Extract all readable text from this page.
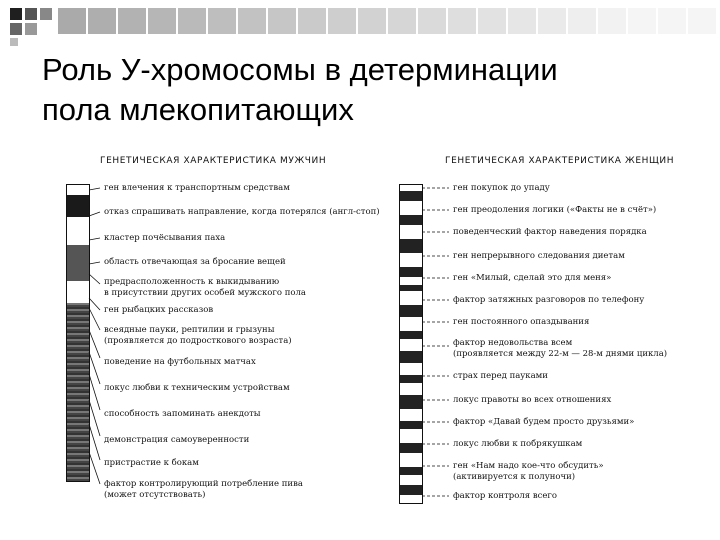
Роль У-хромосомы в детерминации
пола млекопитающих
ГЕНЕТИЧЕСКАЯ ХАРАКТЕРИСТИКА МУЖЧИН
ген влечения к транспортным средствам
отказ спрашивать направление, когда потерялся (англ-стоп)
кластер почёсывания паха
область отвечающая за бросание вещей
предрасположенность к выкидыванию
в присутствии других особей мужского пола
ген рыбацких рассказов
всеядные пауки, рептилии и грызуны
(проявляется до подросткового возраста)
поведение на футбольных матчах
локус любви к техническим устройствам
способность запоминать анекдоты
демонстрация самоуверенности
пристрастие к бокам
фактор контролирующий потребление пива
(может отсутствовать)
ГЕНЕТИЧЕСКАЯ ХАРАКТЕРИСТИКА ЖЕНЩИН
ген покупок до упаду
ген преодоления логики («Факты не в счёт»)
поведенческий фактор наведения порядка
ген непрерывного следования диетам
ген «Милый, сделай это для меня»
фактор затяжных разговоров по телефону
ген постоянного опаздывания
фактор недовольства всем
(проявляется между 22-м — 28-м днями цикла)
страх перед пауками
локус правоты во всех отношениях
фактор «Давай будем просто друзьями»
локус любви к побрякушкам
ген «Нам надо кое-что обсудить»
(активируется к полуночи)
фактор контроля всего
